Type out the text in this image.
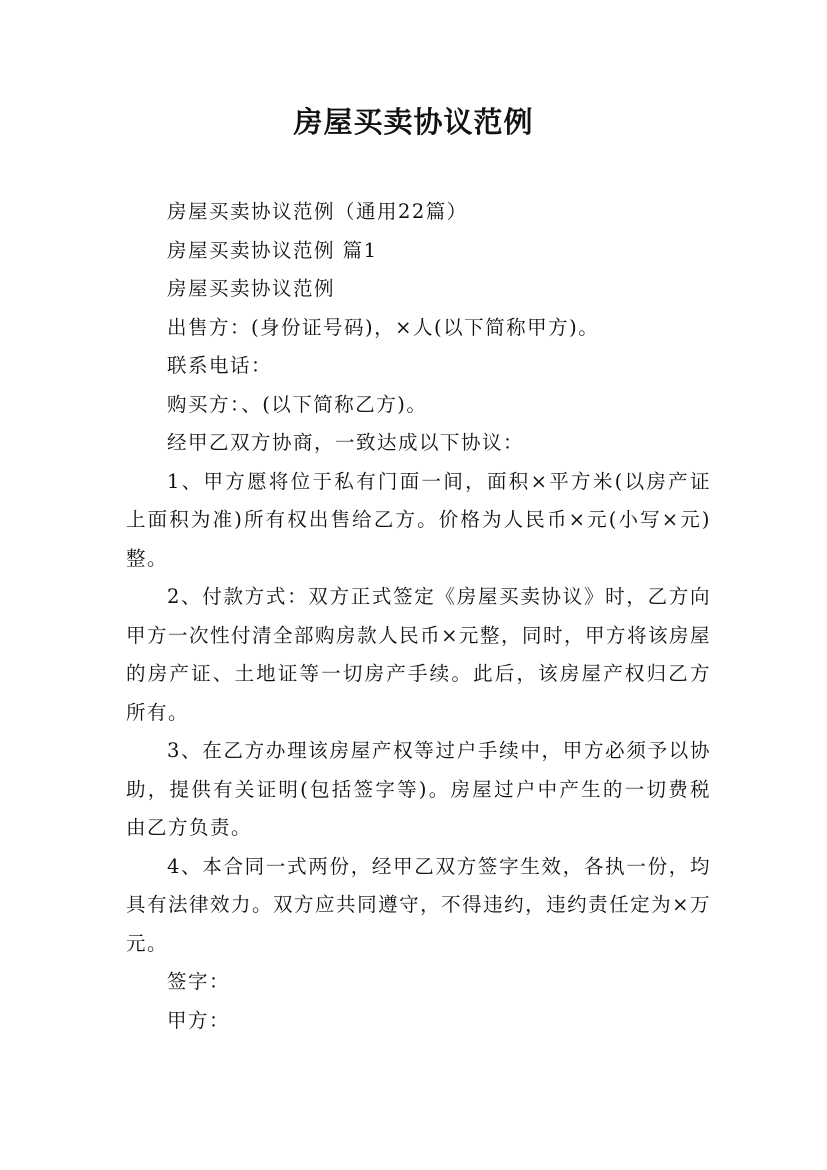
房屋买卖协议范例

房屋买卖协议范例（通用22篇）

房屋买卖协议范例 篇1

房屋买卖协议范例

出售方：(身份证号码)，×人(以下简称甲方)。

联系电话：

购买方：、(以下简称乙方)。

经甲乙双方协商，一致达成以下协议：

1、甲方愿将位于私有门面一间，面积×平方米(以房产证上面积为准)所有权出售给乙方。价格为人民币×元(小写×元)整。

2、付款方式：双方正式签定《房屋买卖协议》时，乙方向甲方一次性付清全部购房款人民币×元整，同时，甲方将该房屋的房产证、土地证等一切房产手续。此后，该房屋产权归乙方所有。

3、在乙方办理该房屋产权等过户手续中，甲方必须予以协助，提供有关证明(包括签字等)。房屋过户中产生的一切费税由乙方负责。

4、本合同一式两份，经甲乙双方签字生效，各执一份，均具有法律效力。双方应共同遵守，不得违约，违约责任定为×万元。

签字：

甲方：
